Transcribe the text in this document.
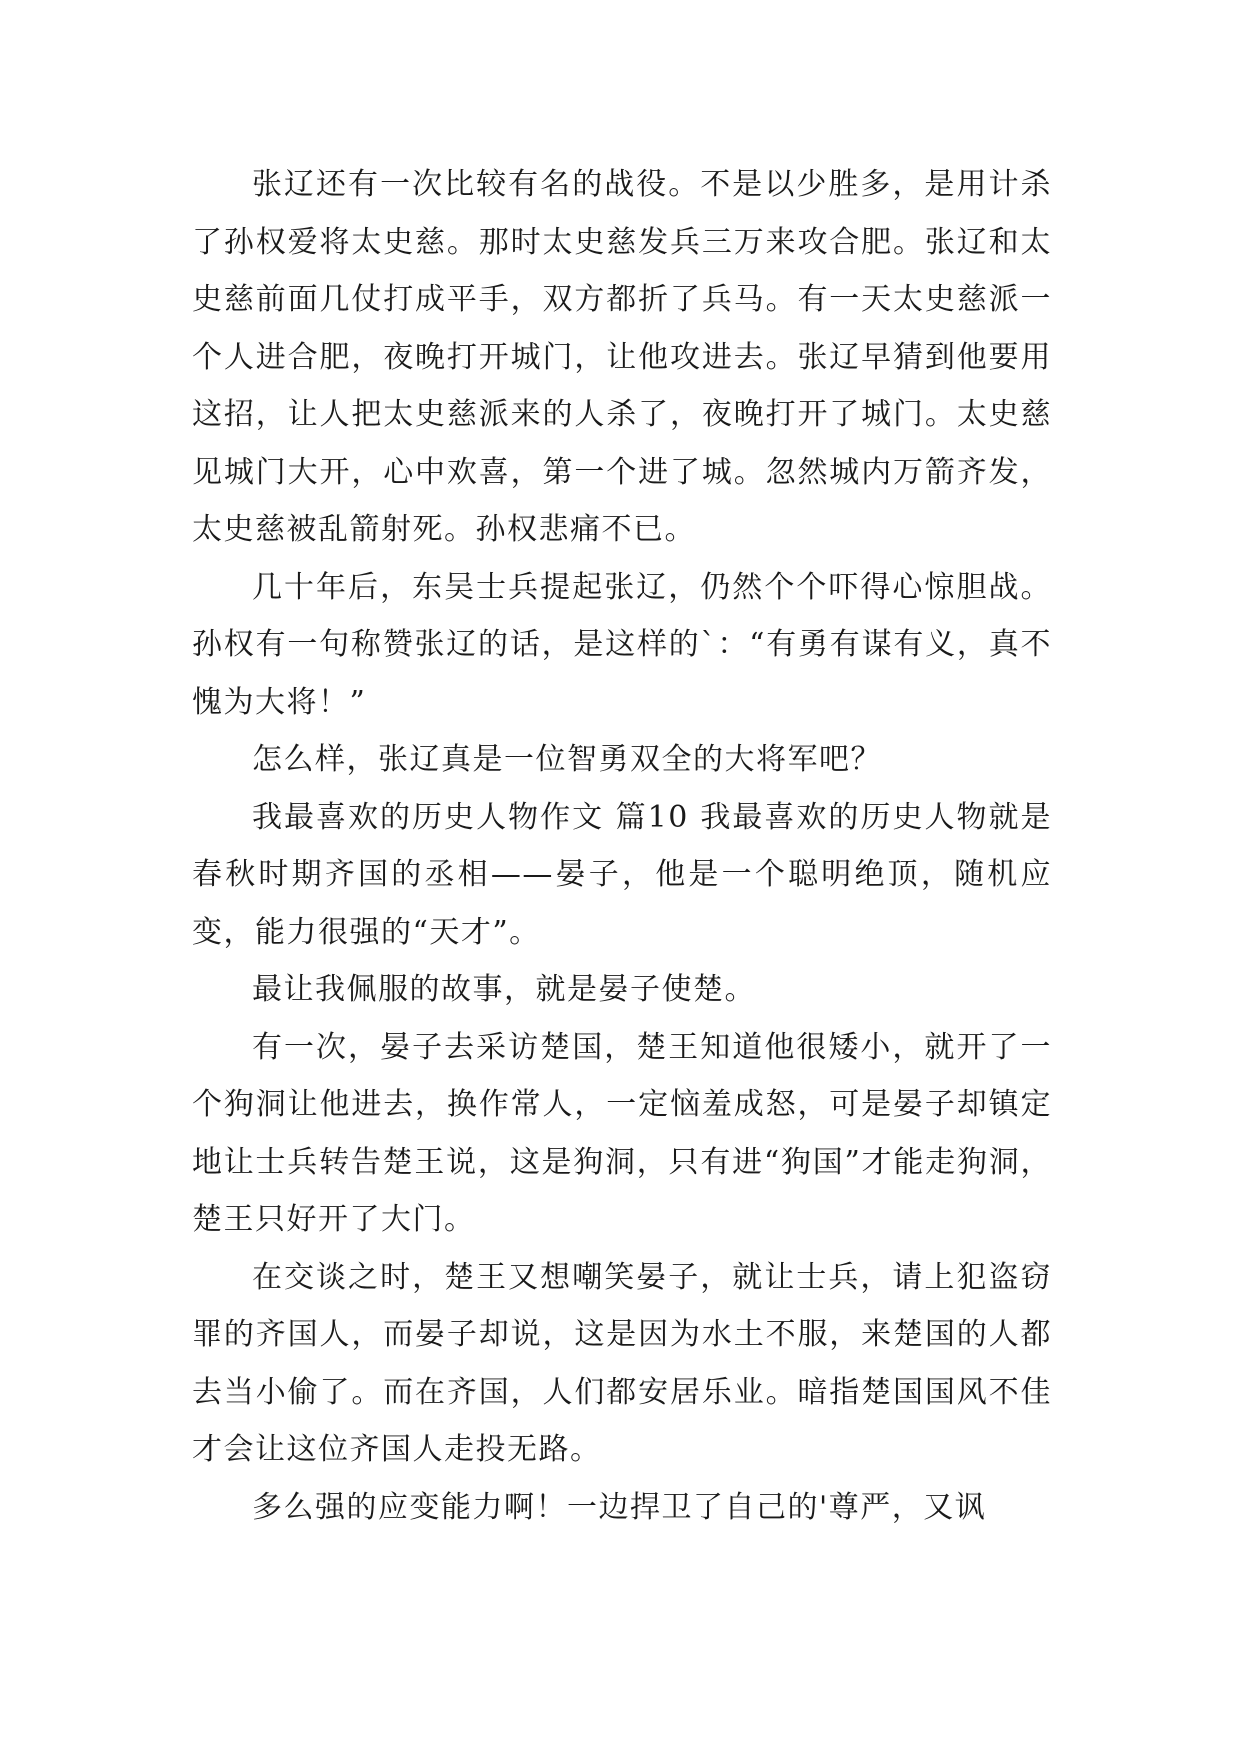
张辽还有一次比较有名的战役。不是以少胜多，是用计杀了孙权爱将太史慈。那时太史慈发兵三万来攻合肥。张辽和太史慈前面几仗打成平手，双方都折了兵马。有一天太史慈派一个人进合肥，夜晚打开城门，让他攻进去。张辽早猜到他要用这招，让人把太史慈派来的人杀了，夜晚打开了城门。太史慈见城门大开，心中欢喜，第一个进了城。忽然城内万箭齐发，太史慈被乱箭射死。孙权悲痛不已。

几十年后，东吴士兵提起张辽，仍然个个吓得心惊胆战。孙权有一句称赞张辽的话，是这样的`：“有勇有谋有义，真不愧为大将！”

怎么样，张辽真是一位智勇双全的大将军吧？

我最喜欢的历史人物作文 篇10 我最喜欢的历史人物就是春秋时期齐国的丞相——晏子，他是一个聪明绝顶，随机应变，能力很强的“天才”。

最让我佩服的故事，就是晏子使楚。

有一次，晏子去采访楚国，楚王知道他很矮小，就开了一个狗洞让他进去，换作常人，一定恼羞成怒，可是晏子却镇定地让士兵转告楚王说，这是狗洞，只有进“狗国”才能走狗洞，楚王只好开了大门。

在交谈之时，楚王又想嘲笑晏子，就让士兵，请上犯盗窃罪的齐国人，而晏子却说，这是因为水土不服，来楚国的人都去当小偷了。而在齐国，人们都安居乐业。暗指楚国国风不佳才会让这位齐国人走投无路。

多么强的应变能力啊！一边捍卫了自己的'尊严，又讽
